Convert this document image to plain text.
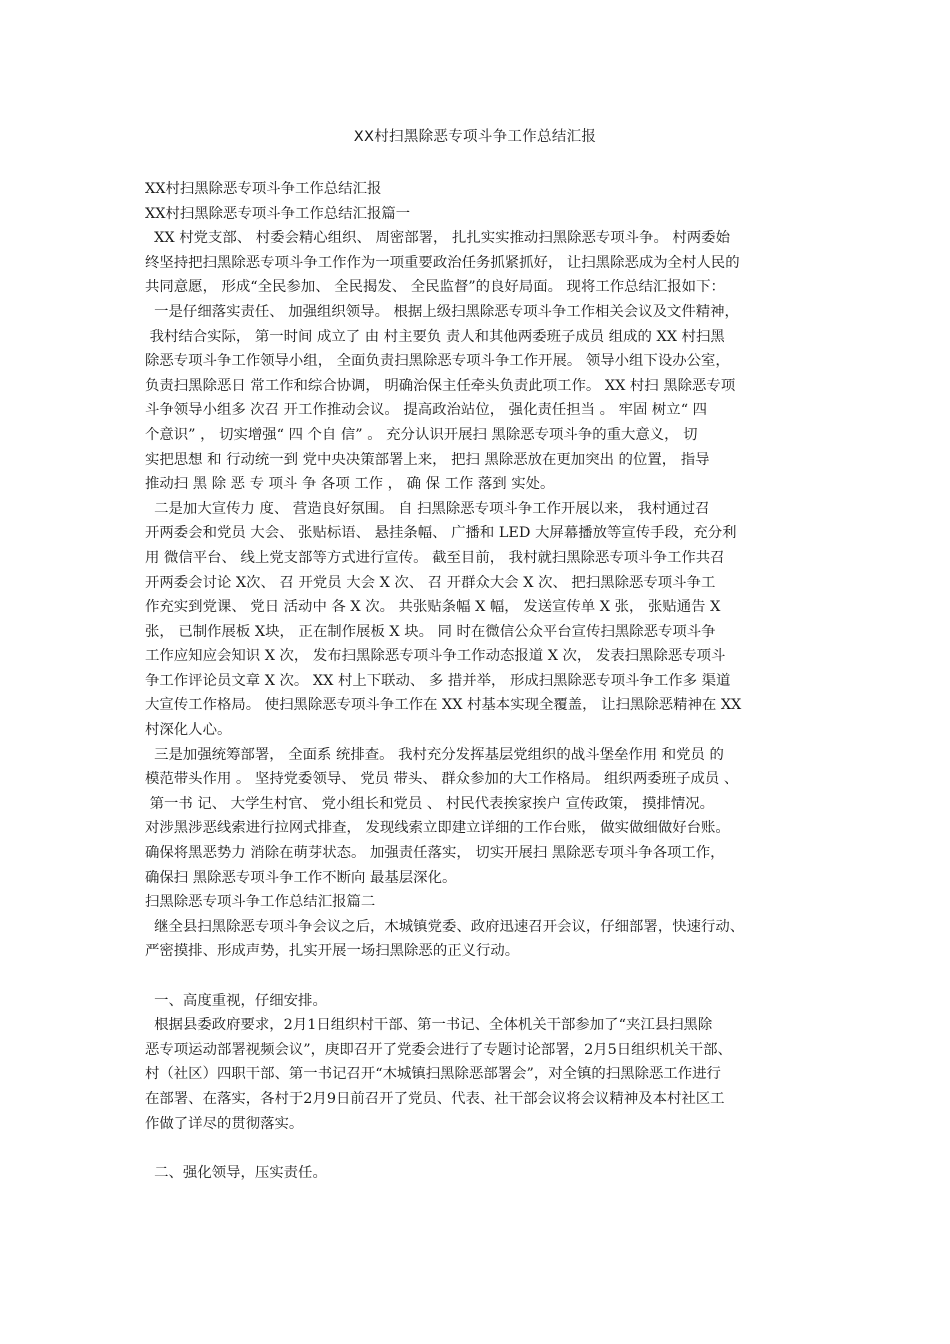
XX村扫黑除恶专项斗争工作总结汇报
XX村扫黑除恶专项斗争工作总结汇报
XX村扫黑除恶专项斗争工作总结汇报篇一
XX 村党支部、 村委会精心组织、 周密部署， 扎扎实实推动扫黑除恶专项斗争。 村两委始
终坚持把扫黑除恶专项斗争工作作为一项重要政治任务抓紧抓好， 让扫黑除恶成为全村人民的
共同意愿， 形成“全民参加、 全民揭发、 全民监督”的良好局面。 现将工作总结汇报如下：
一是仔细落实责任、 加强组织领导。 根据上级扫黑除恶专项斗争工作相关会议及文件精神，
我村结合实际， 第一时间 成立了 由 村主要负 责人和其他两委班子成员 组成的 XX 村扫黑
除恶专项斗争工作领导小组， 全面负责扫黑除恶专项斗争工作开展。 领导小组下设办公室，
负责扫黑除恶日 常工作和综合协调， 明确治保主任牵头负责此项工作。 XX 村扫 黑除恶专项
斗争领导小组多 次召 开工作推动会议。 提高政治站位， 强化责任担当 。 牢固 树立“ 四
个意识” ， 切实增强“ 四 个自 信” 。 充分认识开展扫 黑除恶专项斗争的重大意义， 切
实把思想 和 行动统一到 党中央决策部署上来， 把扫 黑除恶放在更加突出 的位置， 指导
推动扫 黑 除 恶 专 项斗 争 各项 工作 ， 确 保 工作 落到 实处。
二是加大宣传力 度、 营造良好氛围。 自 扫黑除恶专项斗争工作开展以来， 我村通过召
开两委会和党员 大会、 张贴标语、 悬挂条幅、 广播和 LED 大屏幕播放等宣传手段，充分利
用 微信平台、 线上党支部等方式进行宣传。 截至目前， 我村就扫黑除恶专项斗争工作共召
开两委会讨论 X次、 召 开党员 大会 X 次、 召 开群众大会 X 次、 把扫黑除恶专项斗争工
作充实到党课、 党日 活动中 各 X 次。 共张贴条幅 X 幅， 发送宣传单 X 张， 张贴通告 X
张， 已制作展板 X块， 正在制作展板 X 块。 同 时在微信公众平台宣传扫黑除恶专项斗争
工作应知应会知识 X 次， 发布扫黑除恶专项斗争工作动态报道 X 次， 发表扫黑除恶专项斗
争工作评论员文章 X 次。 XX 村上下联动、 多 措并举， 形成扫黑除恶专项斗争工作多 渠道
大宣传工作格局。 使扫黑除恶专项斗争工作在 XX 村基本实现全覆盖， 让扫黑除恶精神在 XX
村深化人心。
三是加强统筹部署， 全面系 统排查。 我村充分发挥基层党组织的战斗堡垒作用 和党员 的
模范带头作用 。 坚持党委领导、 党员 带头、 群众参加的大工作格局。 组织两委班子成员 、
第一书 记、 大学生村官、 党小组长和党员 、 村民代表挨家挨户 宣传政策， 摸排情况。
对涉黑涉恶线索进行拉网式排查， 发现线索立即建立详细的工作台账， 做实做细做好台账。
确保将黑恶势力 消除在萌芽状态。 加强责任落实， 切实开展扫 黑除恶专项斗争各项工作，
确保扫 黑除恶专项斗争工作不断向 最基层深化。
扫黑除恶专项斗争工作总结汇报篇二
继全县扫黑除恶专项斗争会议之后，木城镇党委、政府迅速召开会议，仔细部署，快速行动、
严密摸排、形成声势，扎实开展一场扫黑除恶的正义行动。
一、高度重视，仔细安排。
根据县委政府要求，2月1日组织村干部、第一书记、全体机关干部参加了“夹江县扫黑除
恶专项运动部署视频会议”，庚即召开了党委会进行了专题讨论部署，2月5日组织机关干部、
村（社区）四职干部、第一书记召开“木城镇扫黑除恶部署会”，对全镇的扫黑除恶工作进行
在部署、在落实，各村于2月9日前召开了党员、代表、社干部会议将会议精神及本村社区工
作做了详尽的贯彻落实。
二、强化领导，压实责任。
